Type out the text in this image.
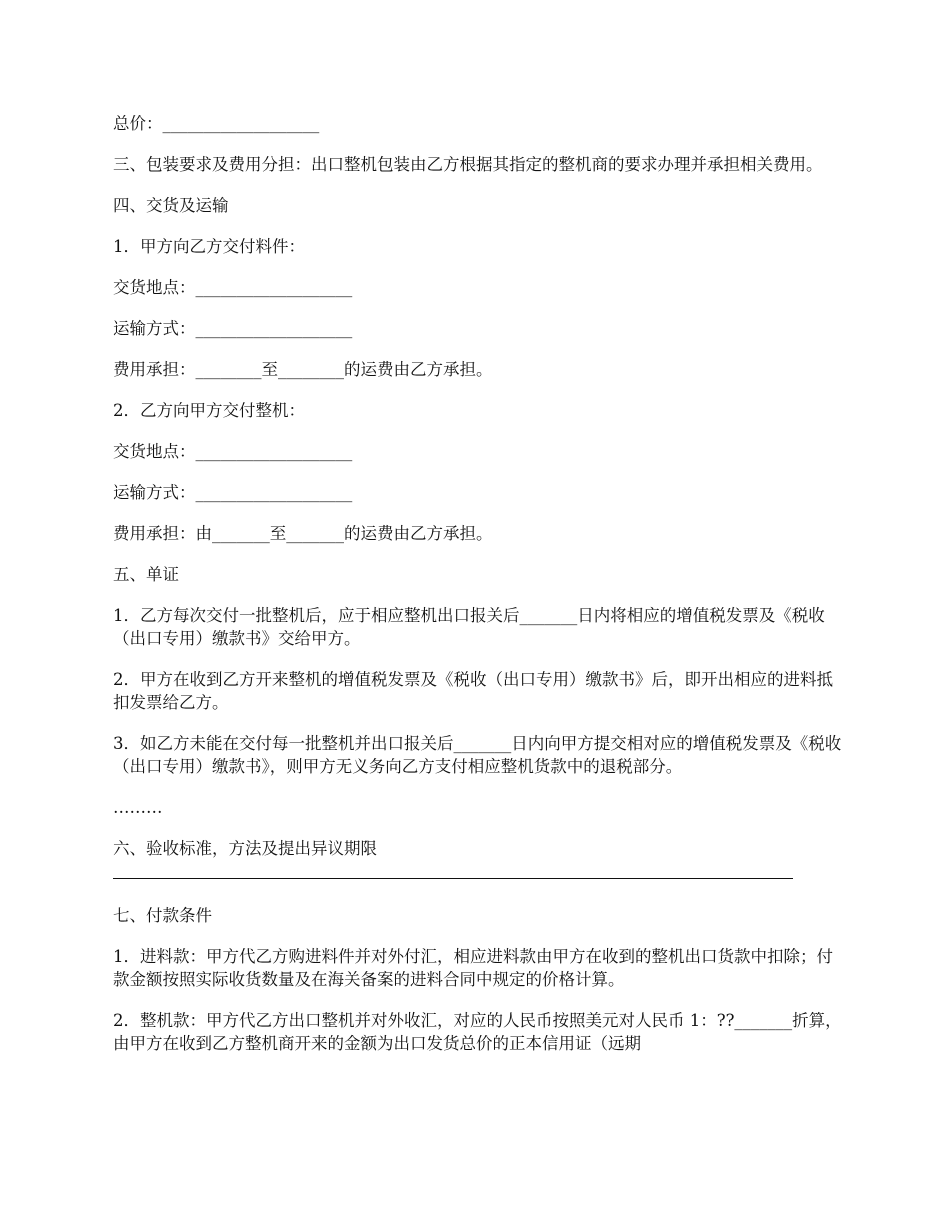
总价：___________________

三、包装要求及费用分担：出口整机包装由乙方根据其指定的整机商的要求办理并承担相关费用。

四、交货及运输

1．甲方向乙方交付料件：

交货地点：___________________

运输方式：___________________

费用承担：________至________的运费由乙方承担。

2．乙方向甲方交付整机：

交货地点：___________________

运输方式：___________________

费用承担：由_______至_______的运费由乙方承担。

五、单证

1．乙方每次交付一批整机后，应于相应整机出口报关后_______日内将相应的增值税发票及《税收（出口专用）缴款书》交给甲方。

2．甲方在收到乙方开来整机的增值税发票及《税收（出口专用）缴款书》后，即开出相应的进料抵扣发票给乙方。

3．如乙方未能在交付每一批整机并出口报关后_______日内向甲方提交相对应的增值税发票及《税收（出口专用）缴款书》，则甲方无义务向乙方支付相应整机货款中的退税部分。

………

六、验收标准，方法及提出异议期限

七、付款条件

1．进料款：甲方代乙方购进料件并对外付汇，相应进料款由甲方在收到的整机出口货款中扣除；付款金额按照实际收货数量及在海关备案的进料合同中规定的价格计算。

2．整机款：甲方代乙方出口整机并对外收汇，对应的人民币按照美元对人民币 1：??_______折算，由甲方在收到乙方整机商开来的金额为出口发货总价的正本信用证（远期
